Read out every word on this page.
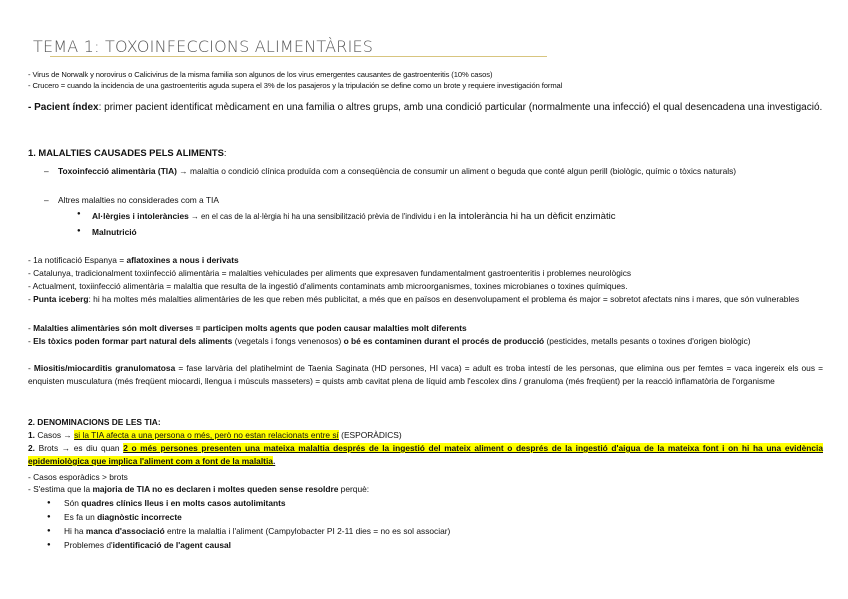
TEMA 1: TOXOINFECCIONS ALIMENTÀRIES
- Virus de Norwalk y norovirus o Calicivirus de la misma familia son algunos de los virus emergentes causantes de gastroenteritis (10% casos)
- Crucero = cuando la incidencia de una gastroenteritis aguda supera el 3% de los pasajeros y la tripulación se define como un brote y requiere investigación formal
- Pacient índex: primer pacient identificat mèdicament en una familia o altres grups, amb una condició particular (normalmente una infecció) el qual desencadena una investigació.
1. MALALTIES CAUSADES PELS ALIMENTS:
– Toxoinfecció alimentària (TIA) → malaltia o condició clínica produïda com a conseqüència de consumir un aliment o beguda que conté algun perill (biològic, químic o tòxics naturals)
– Altres malalties no considerades com a TIA
● Al·lèrgies i intoleràncies → en el cas de la al·lèrgia hi ha una sensibilització prèvia de l'individu i en la intolerància hi ha un dèficit enzimàtic
● Malnutrició
- 1a notificació Espanya = aflatoxines a nous i derivats
- Catalunya, tradicionalment toxiinfecció alimentària = malalties vehiculades per aliments que expresaven fundamentalment gastroenteritis i problemes neurològics
- Actualment, toxiinfecció alimentària = malaltia que resulta de la ingestió d'aliments contaminats amb microorganismes, toxines microbianes o toxines químiques.
- Punta iceberg: hi ha moltes més malalties alimentàries de les que reben més publicitat, a més que en països en desenvolupament el problema és major = sobretot afectats nins i mares, que són vulnerables
- Malalties alimentàries són molt diverses = participen molts agents que poden causar malalties molt diferents
- Els tòxics poden formar part natural dels aliments (vegetals i fongs venenosos) o bé es contaminen durant el procés de producció (pesticides, metalls pesants o toxines d'origen biològic)
- Miositis/miocarditis granulomatosa = fase larvària del platihelmint de Taenia Saginata (HD persones, HI vaca) = adult es troba intestí de les personas, que elimina ous per femtes = vaca ingereix els ous = enquisten musculatura (més freqüent miocardi, llengua i músculs masseters) = quists amb cavitat plena de líquid amb l'escolex dins / granuloma (més freqüent) per la reacció inflamatòria de l'organisme
2. DENOMINACIONS DE LES TIA:
1. Casos → si la TIA afecta a una persona o més, però no estan relacionats entre sí (ESPORÀDICS)
2. Brots → es diu quan 2 o més persones presenten una mateixa malaltia després de la ingestió del mateix aliment o després de la ingestió d'aigua de la mateixa font i on hi ha una evidència epidemiològica que implica l'aliment com a font de la malaltia.
- Casos esporàdics > brots
- S'estima que la majoria de TIA no es declaren i moltes queden sense resoldre perquè:
● Són quadres clínics lleus i en molts casos autolimitants
● Es fa un diagnòstic incorrecte
● Hi ha manca d'associació entre la malaltia i l'aliment (Campylobacter PI 2-11 dies = no es sol associar)
● Problemes d'identificació de l'agent causal
